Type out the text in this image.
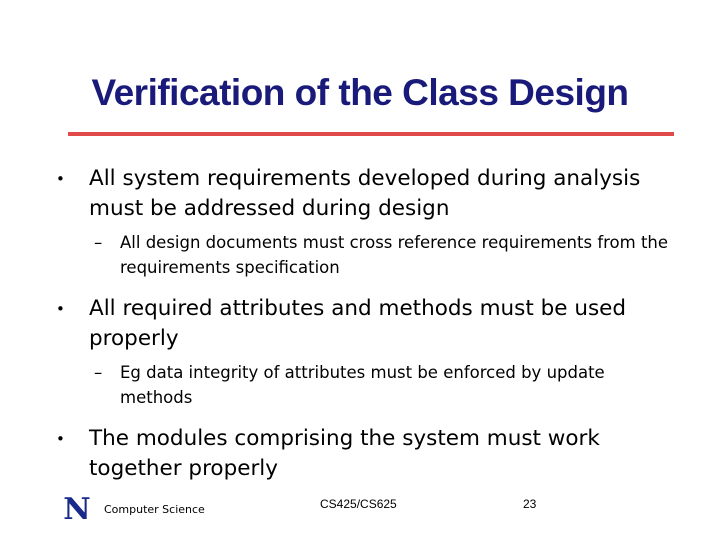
Verification of the Class Design
• All system requirements developed during analysis must be addressed during design
– All design documents must cross reference requirements from the requirements specification
• All required attributes and methods must be used properly
– Eg data integrity of attributes must be enforced by update methods
• The modules comprising the system must work together properly
N Computer Science	CS425/CS625	23
